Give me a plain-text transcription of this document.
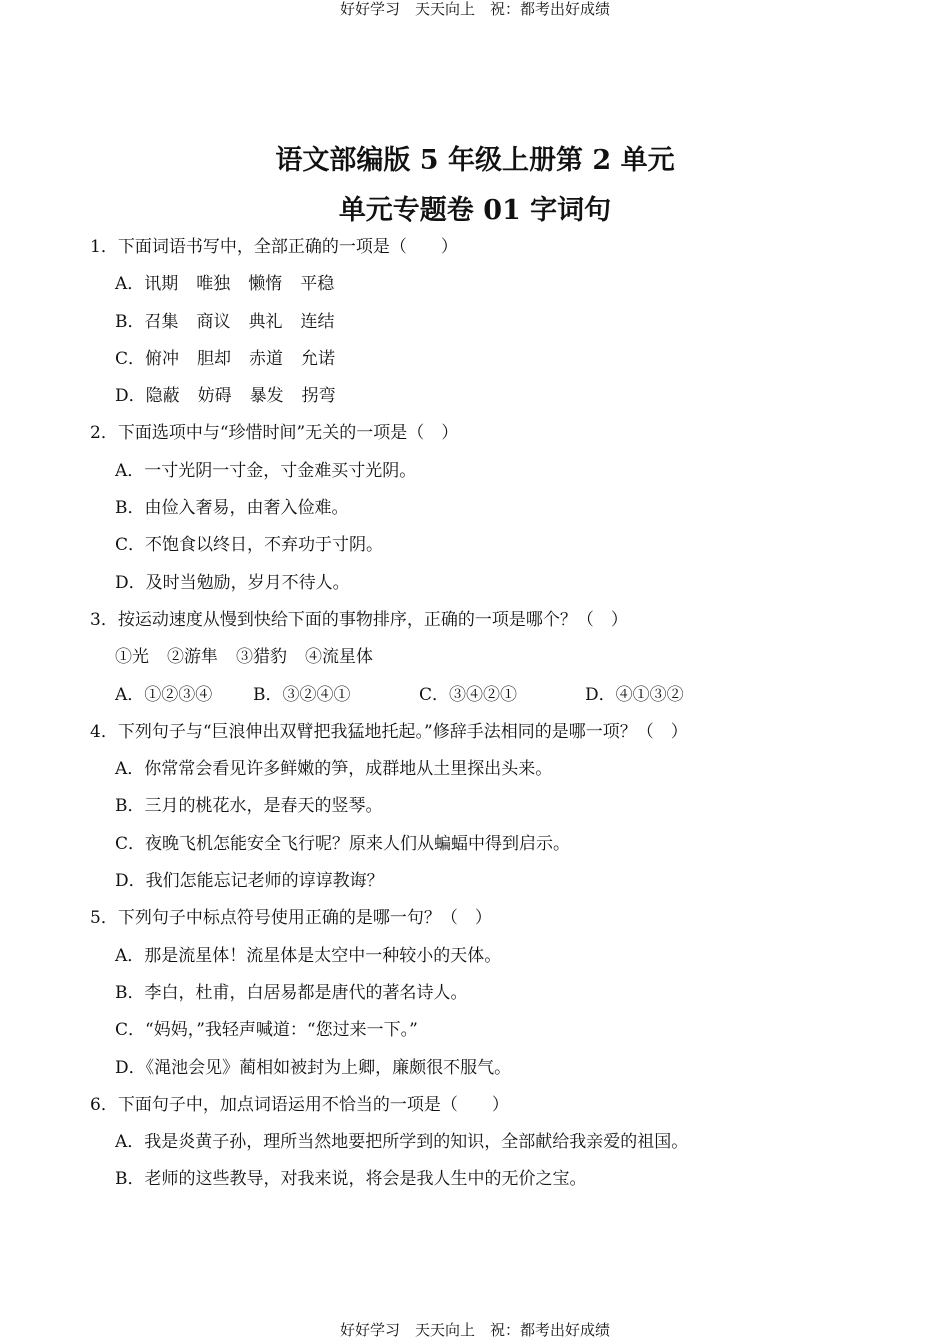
好好学习　天天向上　祝：都考出好成绩
语文部编版 5 年级上册第 2 单元
单元专题卷 01 字词句
1．下面词语书写中，全部正确的一项是（　　）
A．讯期 唯独 懒惰 平稳
B．召集 商议 典礼 连结
C．俯冲 胆却 赤道 允诺
D．隐蔽 妨碍 暴发 拐弯
2．下面选项中与“珍惜时间”无关的一项是（　）
A．一寸光阴一寸金，寸金难买寸光阴。
B．由俭入奢易，由奢入俭难。
C．不饱食以终日，不弃功于寸阴。
D．及时当勉励，岁月不待人。
3．按运动速度从慢到快给下面的事物排序，正确的一项是哪个？（　）
①光 ②游隼 ③猎豹 ④流星体
A．①②③④ B．③②④①	C．③④②①	D．④①③②
4．下列句子与“巨浪伸出双臂把我猛地托起。”修辞手法相同的是哪一项？（　）
A．你常常会看见许多鲜嫩的笋，成群地从土里探出头来。
B．三月的桃花水，是春天的竖琴。
C．夜晚飞机怎能安全飞行呢？原来人们从蝙蝠中得到启示。
D．我们怎能忘记老师的谆谆教诲？
5．下列句子中标点符号使用正确的是哪一句？（　）
A．那是流星体！流星体是太空中一种较小的天体。
B．李白，杜甫，白居易都是唐代的著名诗人。
C．“妈妈，”我轻声喊道：“您过来一下。”
D．《渑池会见》蔺相如被封为上卿，廉颇很不服气。
6．下面句子中，加点词语运用不恰当的一项是（　　）
A．我是炎黄子孙，理所当然地要把所学到的知识，全部献给我亲爱的祖国。
B．老师的这些教导，对我来说，将会是我人生中的无价之宝。
好好学习　天天向上　祝：都考出好成绩
